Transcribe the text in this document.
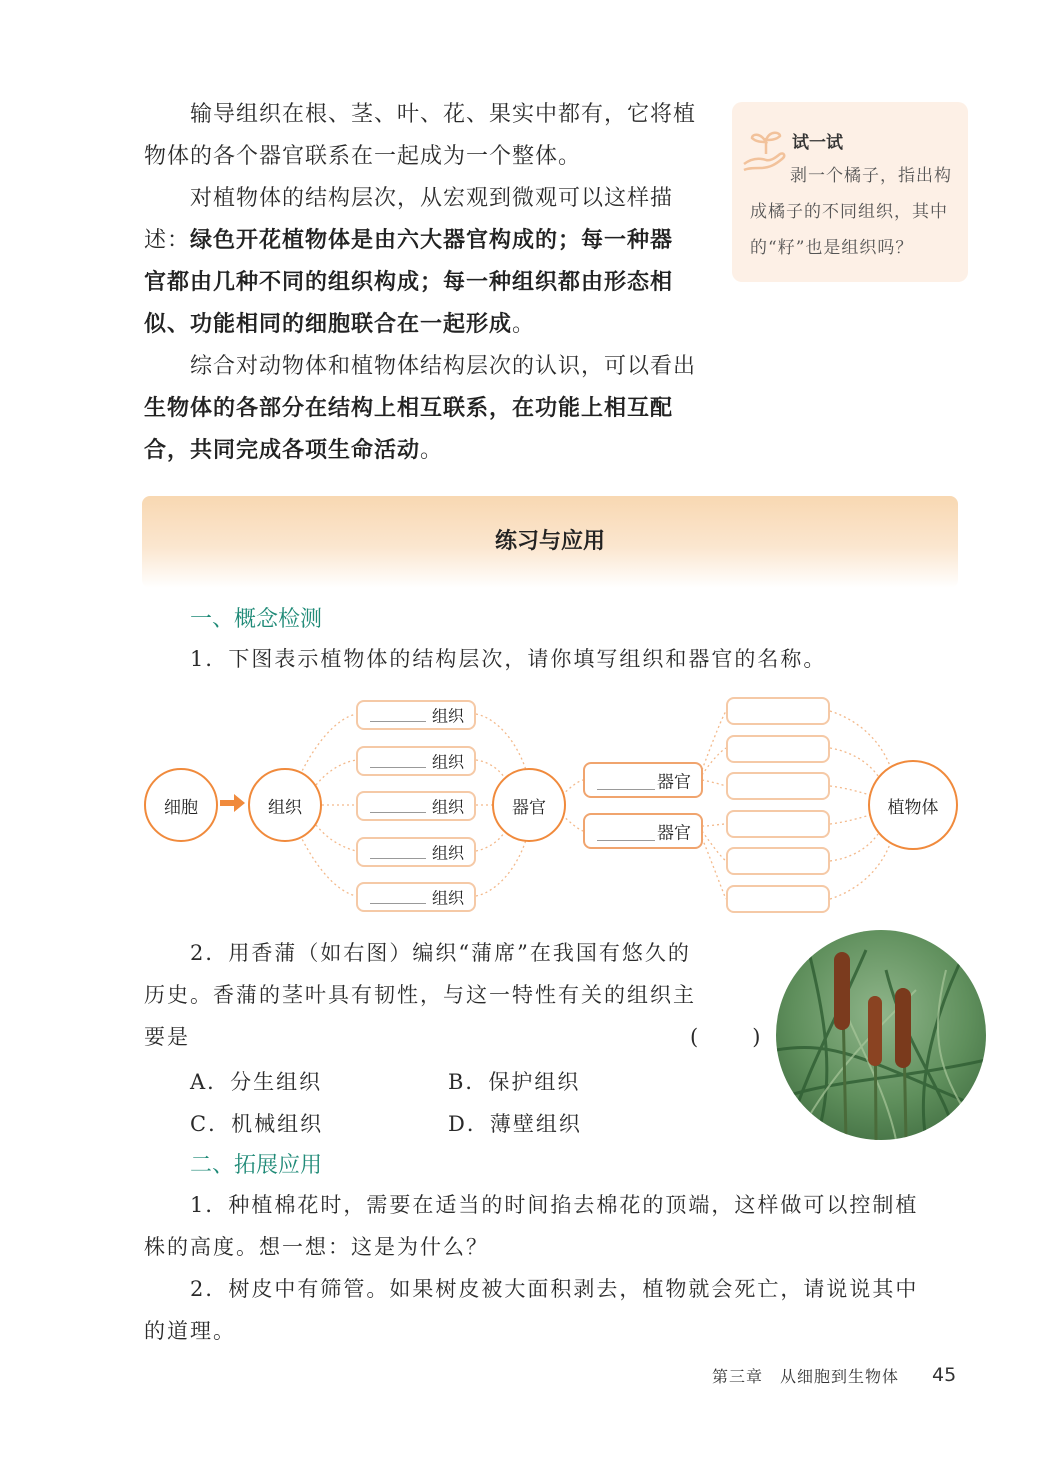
输导组织在根、茎、叶、花、果实中都有，它将植物体的各个器官联系在一起成为一个整体。

对植物体的结构层次，从宏观到微观可以这样描述：绿色开花植物体是由六大器官构成的；每一种器官都由几种不同的组织构成；每一种组织都由形态相似、功能相同的细胞联合在一起形成。

综合对动物体和植物体结构层次的认识，可以看出生物体的各部分在结构上相互联系，在功能上相互配合，共同完成各项生命活动。

试一试

剥一个橘子，指出构成橘子的不同组织，其中的“籽”也是组织吗？

练习与应用
一、概念检测

1．下图表示植物体的结构层次，请你填写组织和器官的名称。

细胞	组织
组织
组织
组织
组织
组织
器官
器官
器官
植物体

2．用香蒲（如右图）编织“蒲席”在我国有悠久的

历史。香蒲的茎叶具有韧性，与这一特性有关的组织主

要是	(      )

A．分生组织	B．保护组织
C．机械组织	D．薄壁组织
二、拓展应用

1．种植棉花时，需要在适当的时间掐去棉花的顶端，这样做可以控制植

株的高度。想一想：这是为什么？

2．树皮中有筛管。如果树皮被大面积剥去，植物就会死亡，请说说其中

的道理。

第三章　从细胞到生物体 45
